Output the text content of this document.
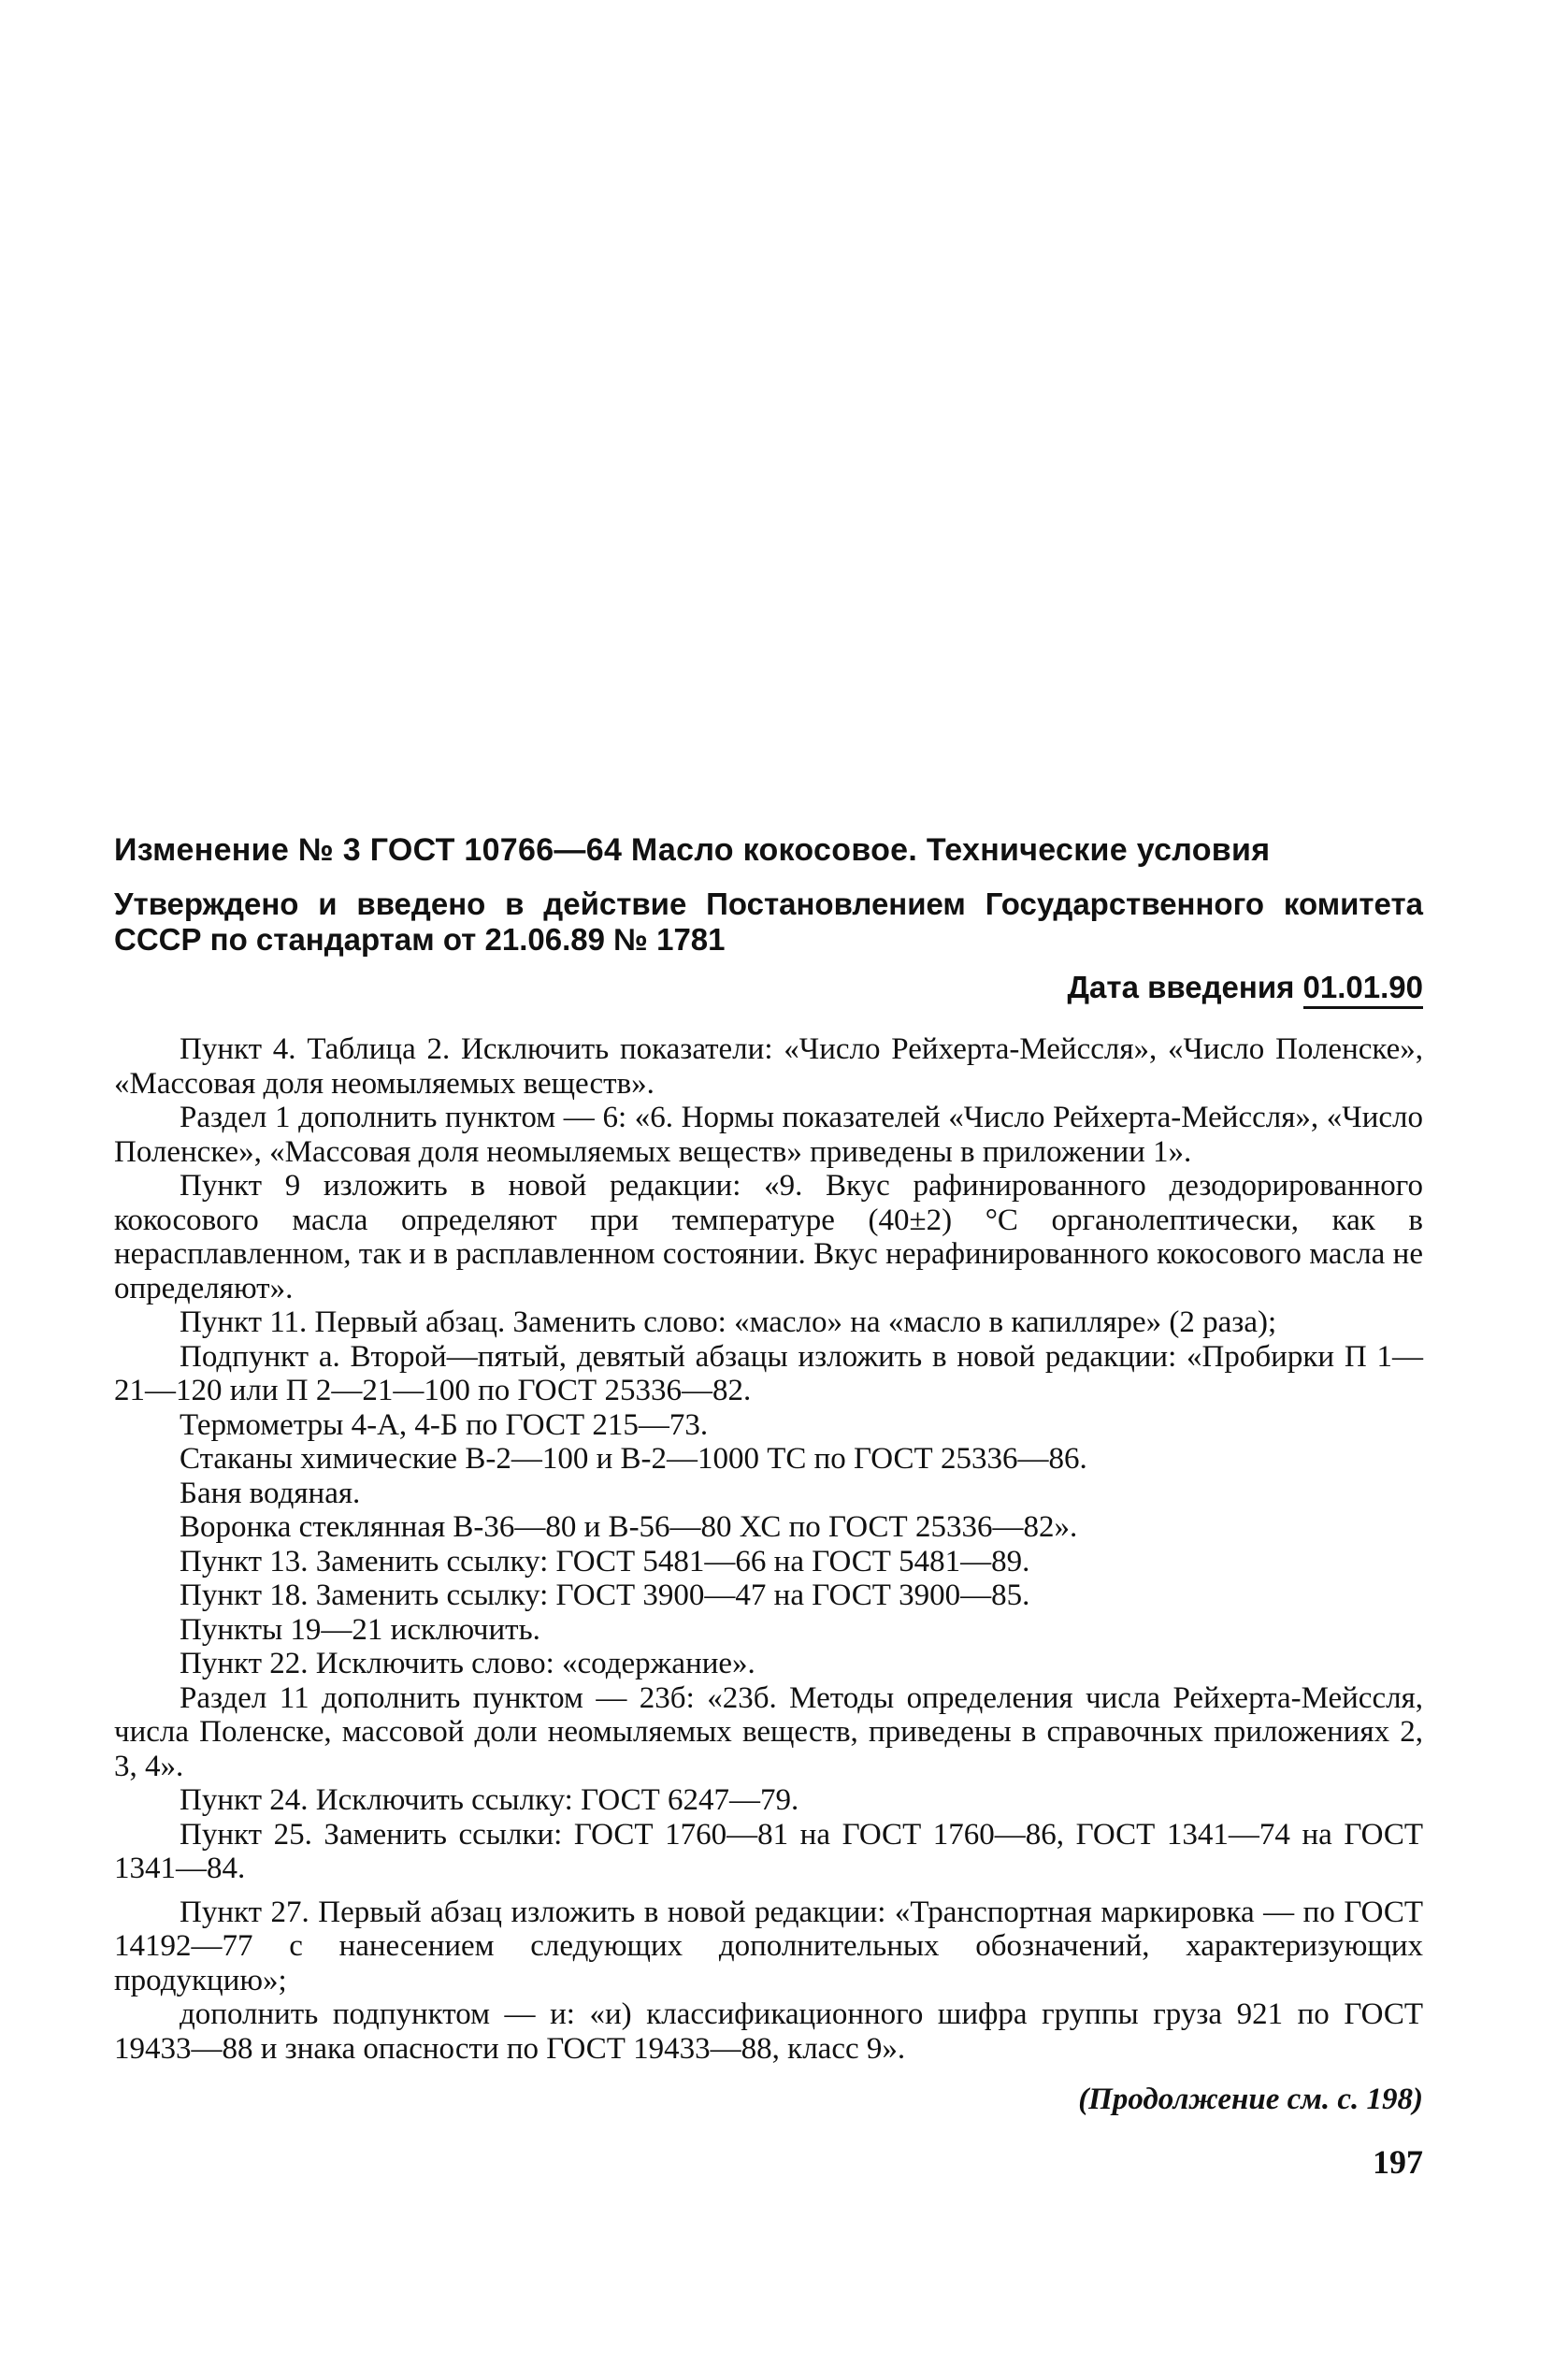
Изменение № 3 ГОСТ 10766—64 Масло кокосовое. Технические условия

Утверждено и введено в действие Постановлением Государственного комитета СССР по стандартам от 21.06.89 № 1781

Дата введения 01.01.90

Пункт 4. Таблица 2. Исключить показатели: «Число Рейхерта-Мейссля», «Число Поленске», «Массовая доля неомыляемых веществ».

Раздел 1 дополнить пунктом — 6: «6. Нормы показателей «Число Рейхерта-Мейссля», «Число Поленске», «Массовая доля неомыляемых веществ» приведены в приложении 1».

Пункт 9 изложить в новой редакции: «9. Вкус рафинированного дезодорированного кокосового масла определяют при температуре (40±2) °С органолептически, как в нерасплавленном, так и в расплавленном состоянии. Вкус нерафинированного кокосового масла не определяют».

Пункт 11. Первый абзац. Заменить слово: «масло» на «масло в капилляре» (2 раза);

Подпункт а. Второй—пятый, девятый абзацы изложить в новой редакции: «Пробирки П 1—21—120 или П 2—21—100 по ГОСТ 25336—82.

Термометры 4-А, 4-Б по ГОСТ 215—73.

Стаканы химические В-2—100 и В-2—1000 ТС по ГОСТ 25336—86.

Баня водяная.

Воронка стеклянная В-36—80 и В-56—80 ХС по ГОСТ 25336—82».

Пункт 13. Заменить ссылку: ГОСТ 5481—66 на ГОСТ 5481—89.

Пункт 18. Заменить ссылку: ГОСТ 3900—47 на ГОСТ 3900—85.

Пункты 19—21 исключить.

Пункт 22. Исключить слово: «содержание».

Раздел 11 дополнить пунктом — 23б: «23б. Методы определения числа Рейхерта-Мейссля, числа Поленске, массовой доли неомыляемых веществ, приведены в справочных приложениях 2, 3, 4».

Пункт 24. Исключить ссылку: ГОСТ 6247—79.

Пункт 25. Заменить ссылки: ГОСТ 1760—81 на ГОСТ 1760—86, ГОСТ 1341—74 на ГОСТ 1341—84.

Пункт 27. Первый абзац изложить в новой редакции: «Транспортная маркировка — по ГОСТ 14192—77 с нанесением следующих дополнительных обозначений, характеризующих продукцию»;

дополнить подпунктом — и: «и) классификационного шифра группы груза 921 по ГОСТ 19433—88 и знака опасности по ГОСТ 19433—88, класс 9».

(Продолжение см. с. 198)

197
